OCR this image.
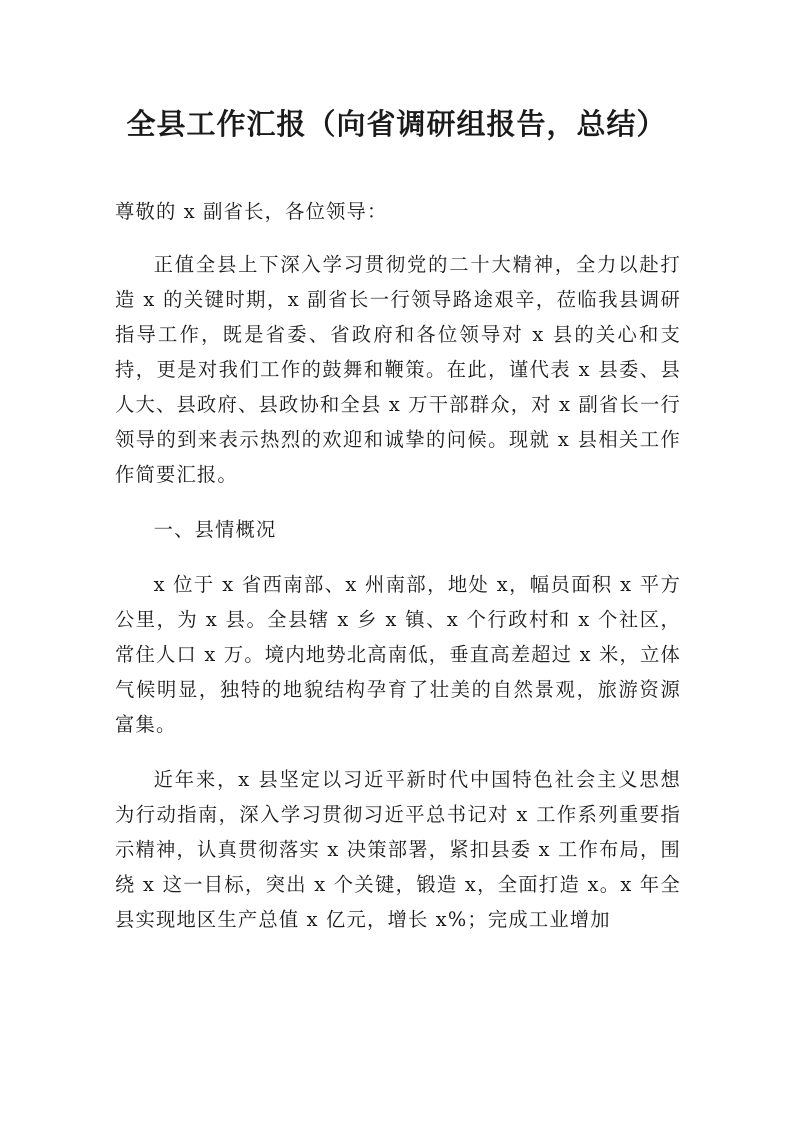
全县工作汇报（向省调研组报告，总结）

尊敬的 x 副省长，各位领导：

正值全县上下深入学习贯彻党的二十大精神，全力以赴打造 x 的关键时期，x 副省长一行领导路途艰辛，莅临我县调研指导工作，既是省委、省政府和各位领导对 x 县的关心和支持，更是对我们工作的鼓舞和鞭策。在此，谨代表 x 县委、县人大、县政府、县政协和全县 x 万干部群众，对 x 副省长一行领导的到来表示热烈的欢迎和诚挚的问候。现就 x 县相关工作作简要汇报。

一、县情概况

x 位于 x 省西南部、x 州南部，地处 x，幅员面积 x 平方公里，为 x 县。全县辖 x 乡 x 镇、x 个行政村和 x 个社区，常住人口 x 万。境内地势北高南低，垂直高差超过 x 米，立体气候明显，独特的地貌结构孕育了壮美的自然景观，旅游资源富集。

近年来，x 县坚定以习近平新时代中国特色社会主义思想为行动指南，深入学习贯彻习近平总书记对 x 工作系列重要指示精神，认真贯彻落实 x 决策部署，紧扣县委 x 工作布局，围绕 x 这一目标，突出 x 个关键，锻造 x，全面打造 x。x 年全县实现地区生产总值 x 亿元，增长 x%；完成工业增加
